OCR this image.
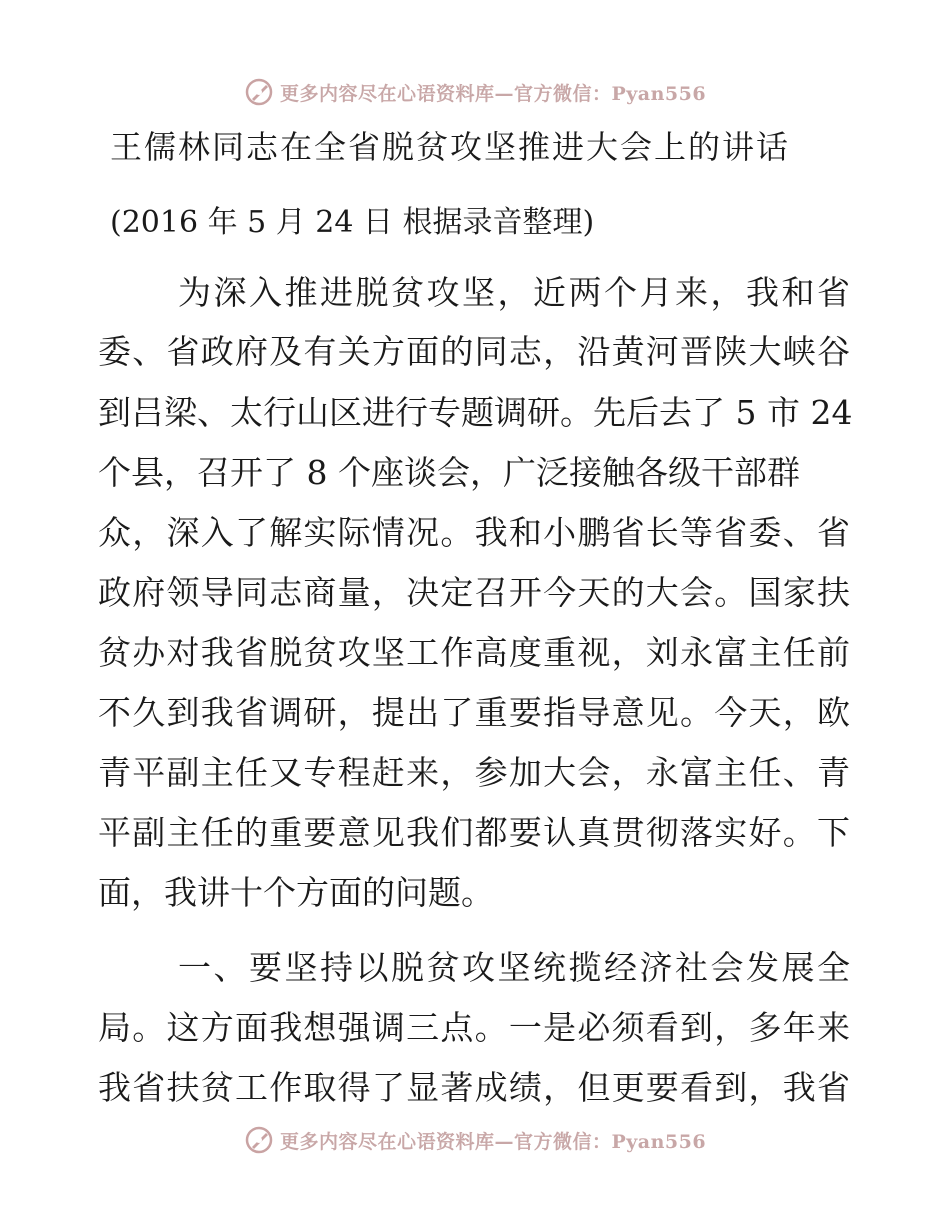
更多内容尽在心语资料库—官方微信：Pyan556
王儒林同志在全省脱贫攻坚推进大会上的讲话
(2016 年 5 月 24 日 根据录音整理)
为深入推进脱贫攻坚，近两个月来，我和省
委、省政府及有关方面的同志，沿黄河晋陕大峡谷
到吕梁、太行山区进行专题调研。先后去了 5 市 24
个县，召开了 8 个座谈会，广泛接触各级干部群
众，深入了解实际情况。我和小鹏省长等省委、省
政府领导同志商量，决定召开今天的大会。国家扶
贫办对我省脱贫攻坚工作高度重视，刘永富主任前
不久到我省调研，提出了重要指导意见。今天，欧
青平副主任又专程赶来，参加大会，永富主任、青
平副主任的重要意见我们都要认真贯彻落实好。下
面，我讲十个方面的问题。
一、要坚持以脱贫攻坚统揽经济社会发展全
局。这方面我想强调三点。一是必须看到，多年来
我省扶贫工作取得了显著成绩，但更要看到，我省
更多内容尽在心语资料库—官方微信：Pyan556
